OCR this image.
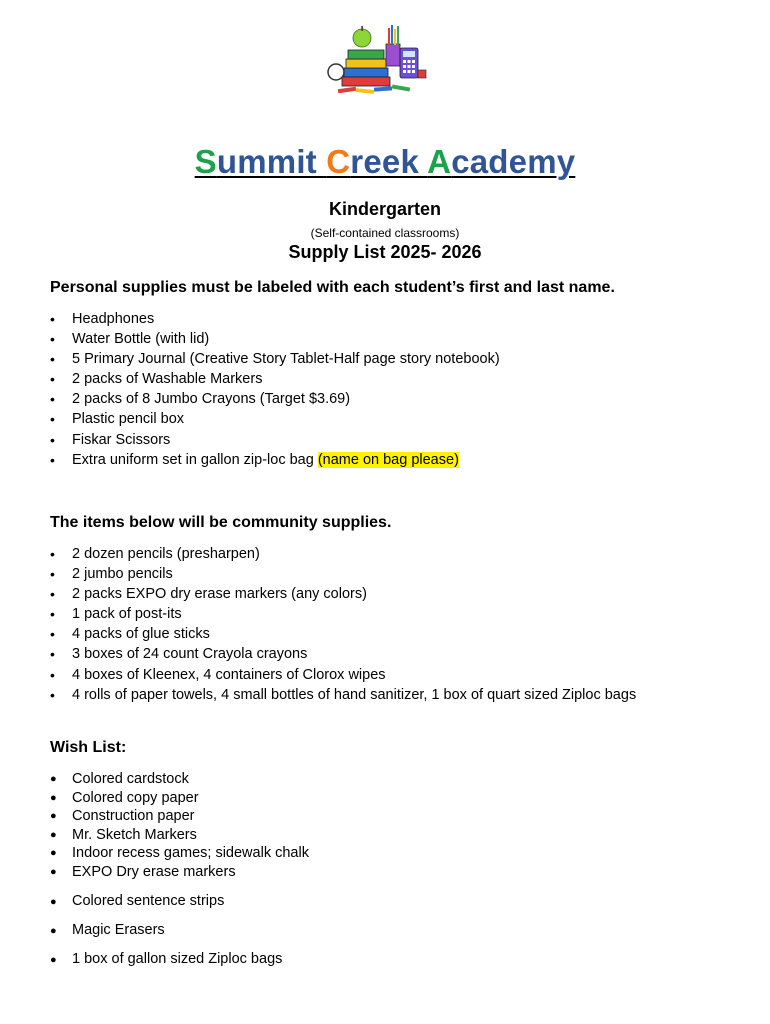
Summit Creek Academy
Kindergarten
(Self-contained classrooms)
Supply List 2025- 2026
Personal supplies must be labeled with each student’s first and last name.
• Headphones
• Water Bottle (with lid)
• 5 Primary Journal (Creative Story Tablet-Half page story notebook)
• 2 packs of Washable Markers
• 2 packs of 8 Jumbo Crayons (Target $3.69)
• Plastic pencil box
• Fiskar Scissors
• Extra uniform set in gallon zip-loc bag (name on bag please)
The items below will be community supplies.
• 2 dozen pencils (presharpen)
• 2 jumbo pencils
• 2 packs EXPO dry erase markers (any colors)
• 1 pack of post-its
• 4 packs of glue sticks
• 3 boxes of 24 count Crayola crayons
• 4 boxes of Kleenex, 4 containers of Clorox wipes
• 4 rolls of paper towels, 4 small bottles of hand sanitizer, 1 box of quart sized Ziploc bags
Wish List:
● Colored cardstock
● Colored copy paper
● Construction paper
● Mr. Sketch Markers
● Indoor recess games; sidewalk chalk
● EXPO Dry erase markers
● Colored sentence strips
● Magic Erasers
● 1 box of gallon sized Ziploc bags
